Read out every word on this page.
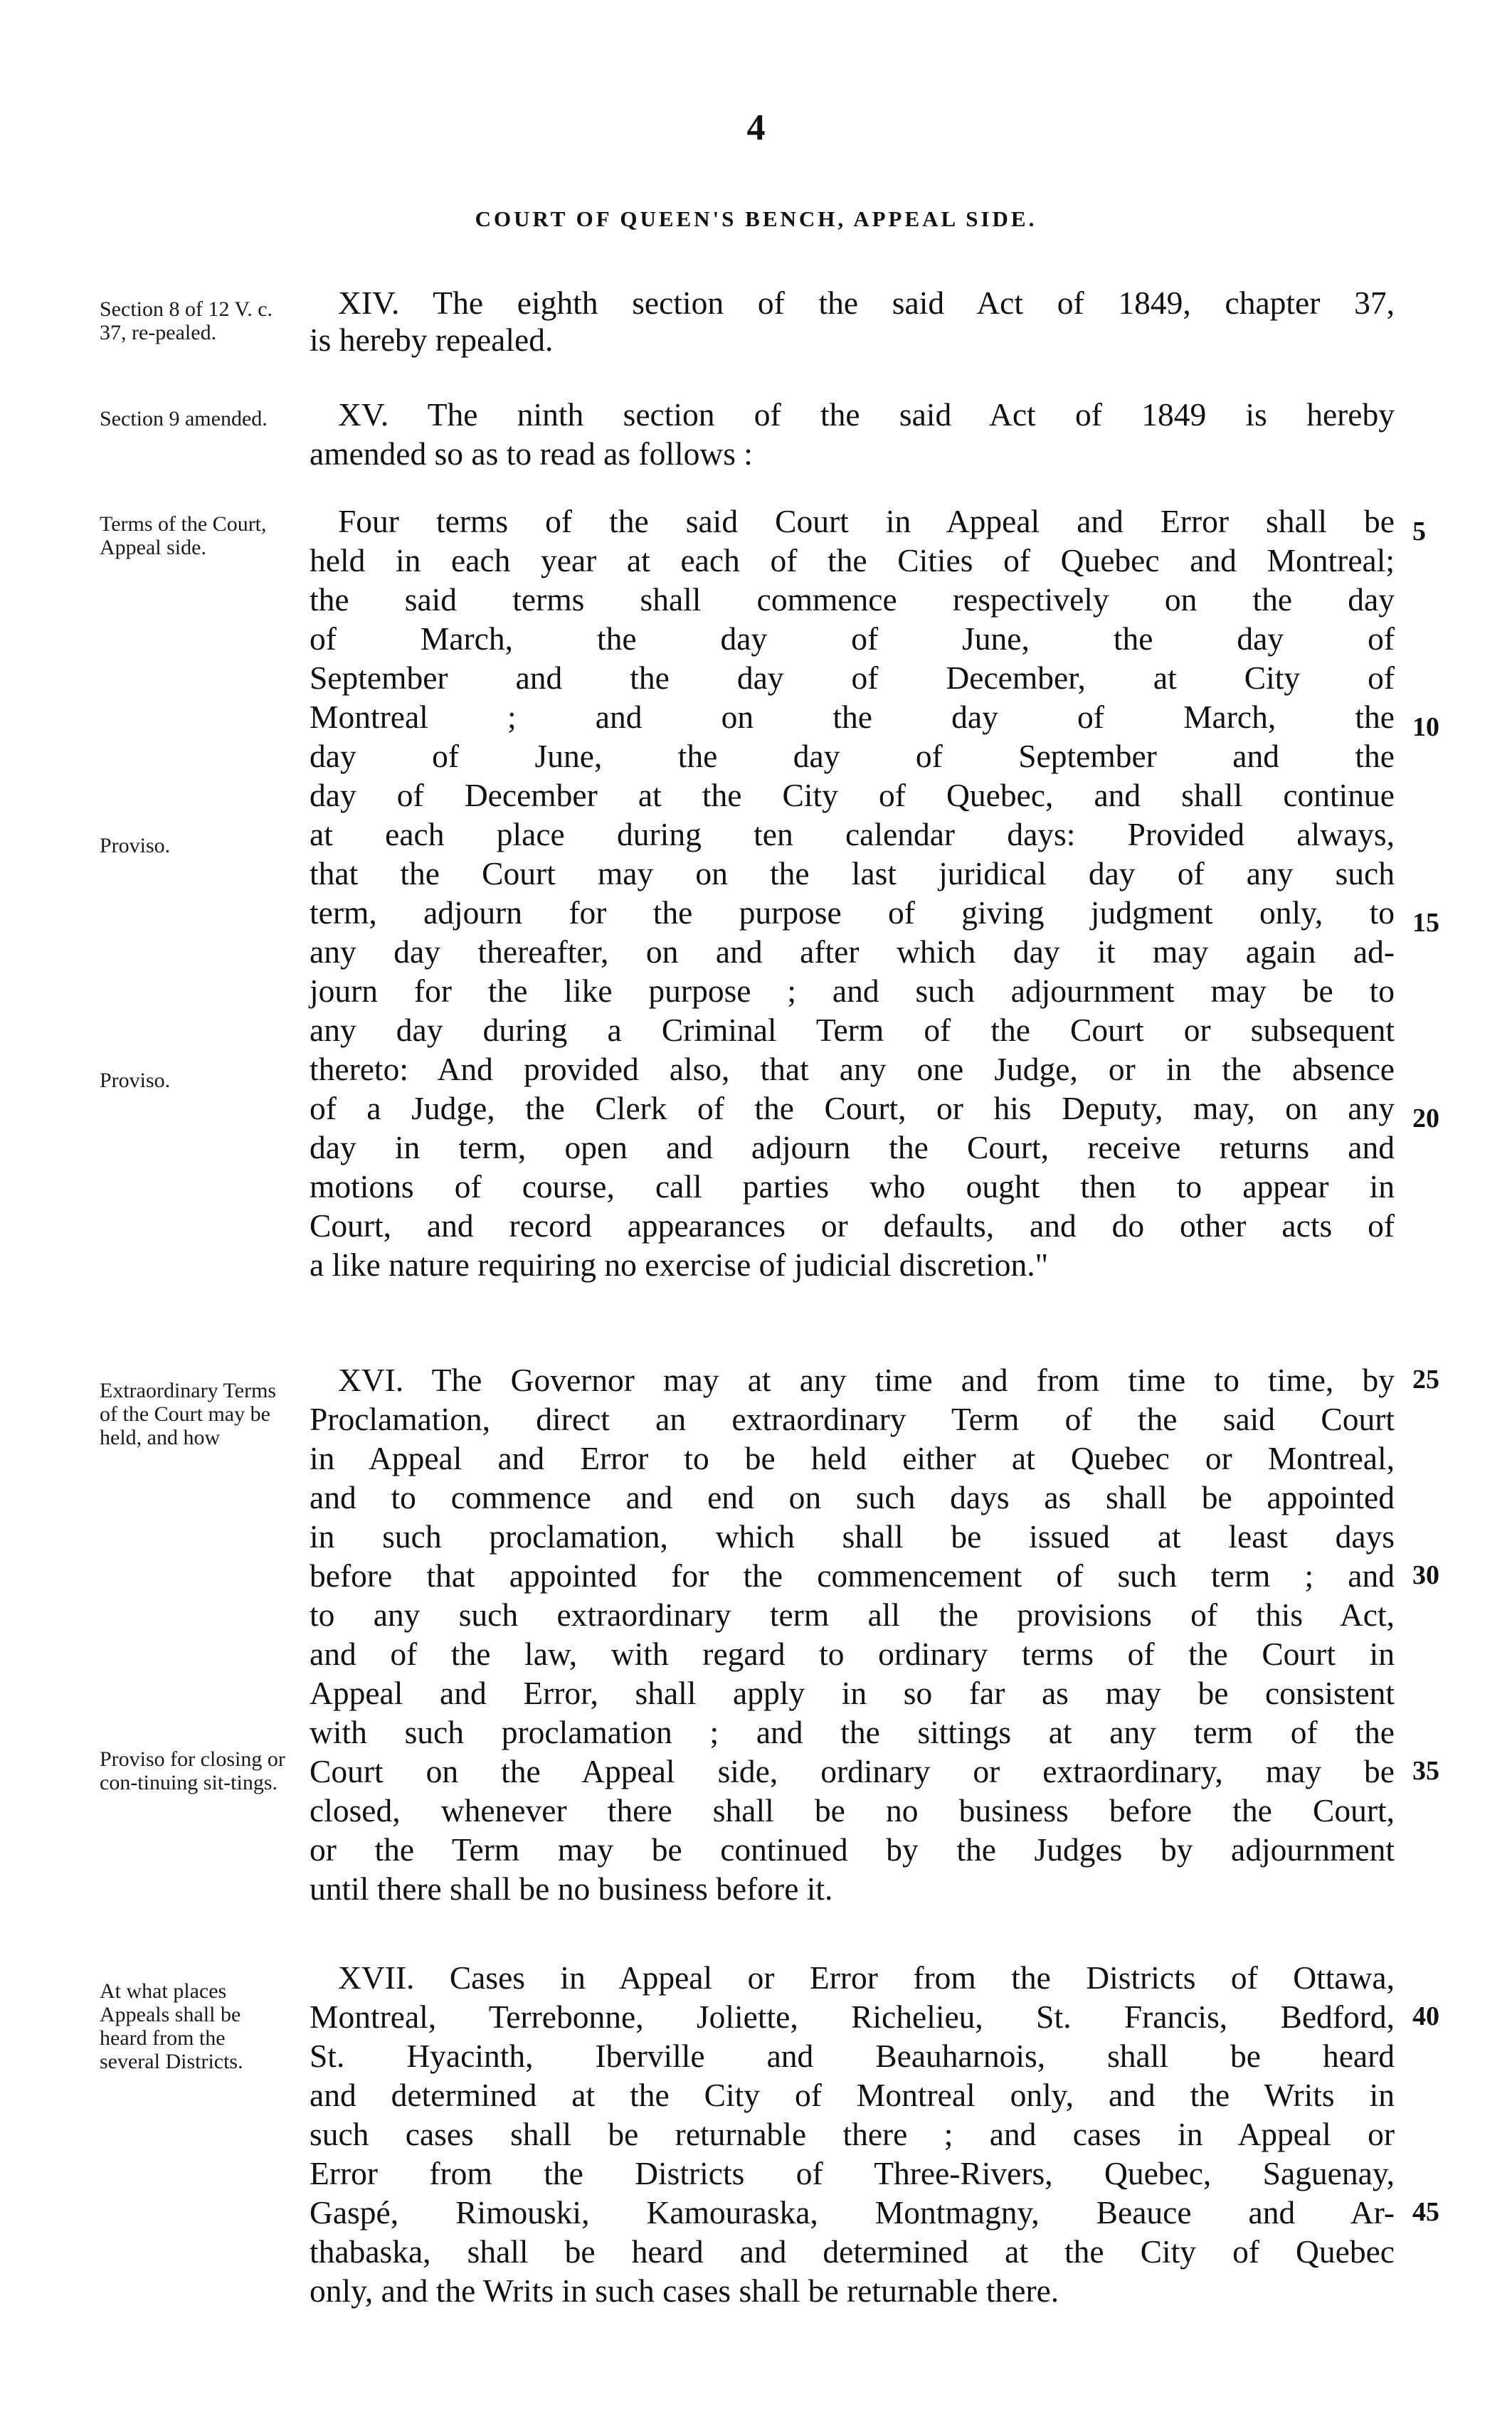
4
COURT OF QUEEN'S BENCH, APPEAL SIDE.
Section 8 of 12 V. c. 37, re-pealed.
Section 9 amended.
Terms of the Court, Appeal side.
Proviso.
Proviso.
Extraordinary Terms of the Court may be held, and how
Proviso for closing or con-tinuing sit-tings.
At what places Appeals shall be heard from the several Districts.
XIV. The eighth section of the said Act of 1849, chapter 37,
is hereby repealed.
XV. The ninth section of the said Act of 1849 is hereby
amended so as to read as follows :
Four terms of the said Court in Appeal and Error shall be
held in each year at each of the Cities of Quebec and Montreal;
the said terms shall commence respectively on the day
of March, the day of June, the day of
September and the day of December, at City of
Montreal ; and on the day of March, the
day of June, the day of September and the
day of December at the City of Quebec, and shall continue
at each place during ten calendar days: Provided always,
that the Court may on the last juridical day of any such
term, adjourn for the purpose of giving judgment only, to
any day thereafter, on and after which day it may again ad-
journ for the like purpose ; and such adjournment may be to
any day during a Criminal Term of the Court or subsequent
thereto: And provided also, that any one Judge, or in the absence
of a Judge, the Clerk of the Court, or his Deputy, may, on any
day in term, open and adjourn the Court, receive returns and
motions of course, call parties who ought then to appear in
Court, and record appearances or defaults, and do other acts of
a like nature requiring no exercise of judicial discretion."
XVI. The Governor may at any time and from time to time, by
Proclamation, direct an extraordinary Term of the said Court
in Appeal and Error to be held either at Quebec or Montreal,
and to commence and end on such days as shall be appointed
in such proclamation, which shall be issued at least days
before that appointed for the commencement of such term ; and
to any such extraordinary term all the provisions of this Act,
and of the law, with regard to ordinary terms of the Court in
Appeal and Error, shall apply in so far as may be consistent
with such proclamation ; and the sittings at any term of the
Court on the Appeal side, ordinary or extraordinary, may be
closed, whenever there shall be no business before the Court,
or the Term may be continued by the Judges by adjournment
until there shall be no business before it.
XVII. Cases in Appeal or Error from the Districts of Ottawa,
Montreal, Terrebonne, Joliette, Richelieu, St. Francis, Bedford,
St. Hyacinth, Iberville and Beauharnois, shall be heard
and determined at the City of Montreal only, and the Writs in
such cases shall be returnable there ; and cases in Appeal or
Error from the Districts of Three-Rivers, Quebec, Saguenay,
Gaspé, Rimouski, Kamouraska, Montmagny, Beauce and Ar-
thabaska, shall be heard and determined at the City of Quebec
only, and the Writs in such cases shall be returnable there.
5
10
15
20
25
30
35
40
45
